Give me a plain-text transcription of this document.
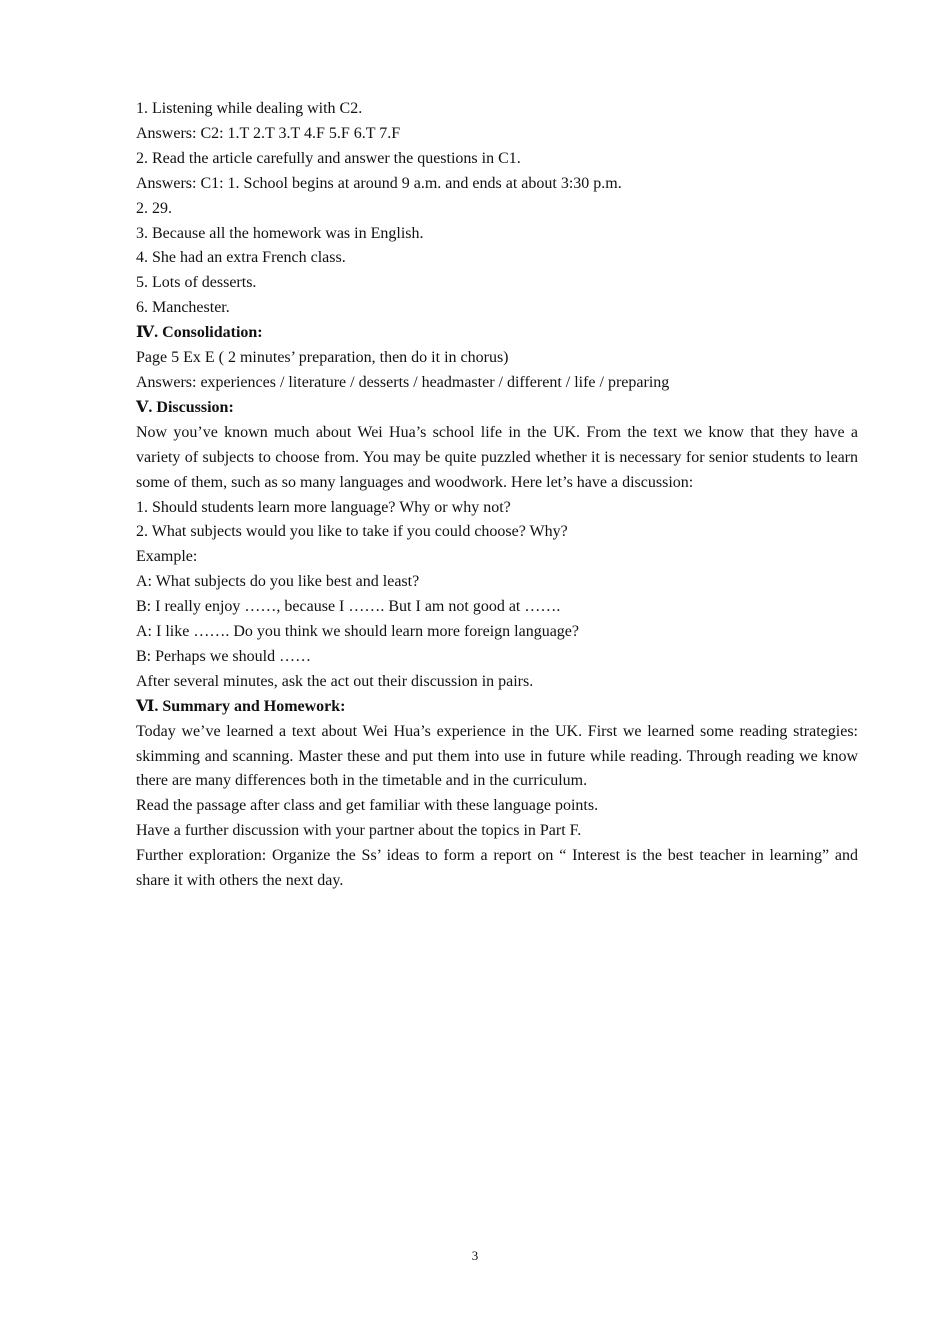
1. Listening while dealing with C2.

Answers: C2: 1.T 2.T 3.T 4.F 5.F 6.T 7.F

2. Read the article carefully and answer the questions in C1.

Answers: C1: 1. School begins at around 9 a.m. and ends at about 3:30 p.m.

2. 29.

3. Because all the homework was in English.

4. She had an extra French class.

5. Lots of desserts.

6. Manchester.

Ⅳ. Consolidation:

Page 5 Ex E ( 2 minutes’ preparation, then do it in chorus)

Answers: experiences / literature / desserts / headmaster / different / life / preparing

Ⅴ. Discussion:

Now you’ve known much about Wei Hua’s school life in the UK. From the text we know that they have a variety of subjects to choose from. You may be quite puzzled whether it is necessary for senior students to learn some of them, such as so many languages and woodwork. Here let’s have a discussion:

1. Should students learn more language? Why or why not?

2. What subjects would you like to take if you could choose? Why?

Example:

A: What subjects do you like best and least?

B: I really enjoy ……, because I ……. But I am not good at …….

A: I like ……. Do you think we should learn more foreign language?

B: Perhaps we should ……

After several minutes, ask the act out their discussion in pairs.

Ⅵ. Summary and Homework:

Today we’ve learned a text about Wei Hua’s experience in the UK. First we learned some reading strategies: skimming and scanning. Master these and put them into use in future while reading. Through reading we know there are many differences both in the timetable and in the curriculum.

Read the passage after class and get familiar with these language points.

Have a further discussion with your partner about the topics in Part F.

Further exploration: Organize the Ss’ ideas to form a report on “ Interest is the best teacher in learning” and share it with others the next day.

3
